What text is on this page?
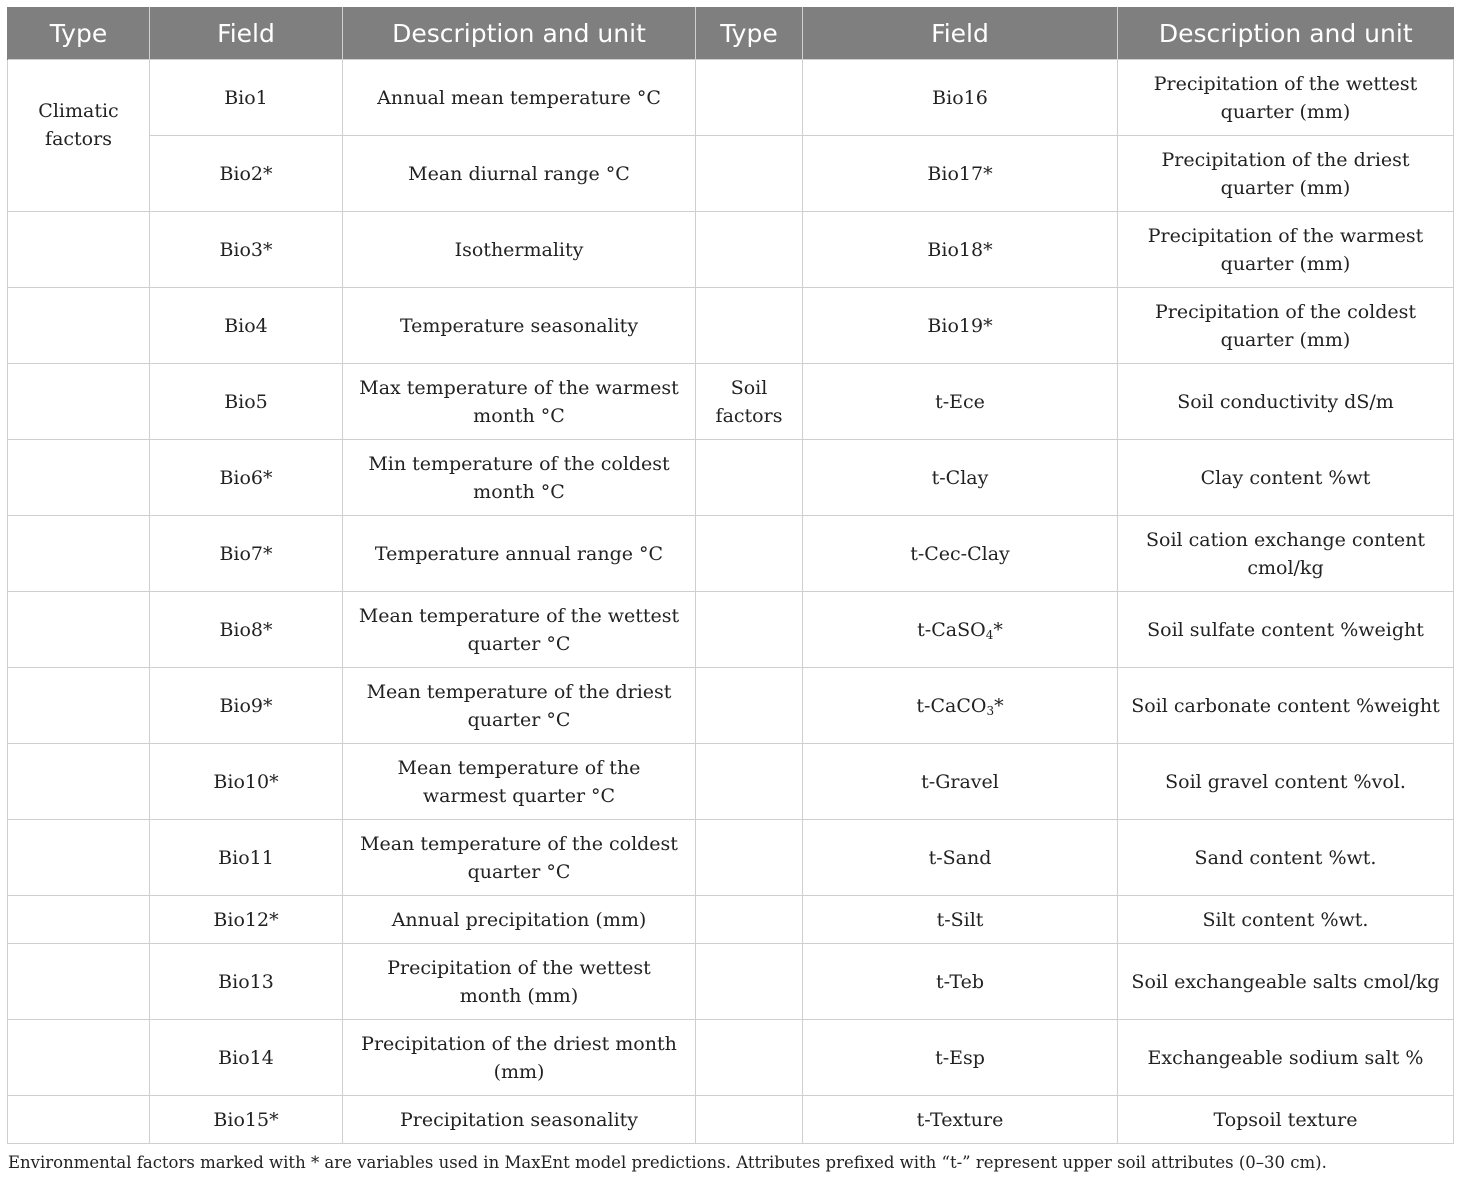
Type	Field	Description and unit	Type	Field	Description and unit
Climatic factors	Bio1	Annual mean temperature °C		Bio16	Precipitation of the wettest quarter (mm)
	Bio2*	Mean diurnal range °C		Bio17*	Precipitation of the driest quarter (mm)
	Bio3*	Isothermality		Bio18*	Precipitation of the warmest quarter (mm)
	Bio4	Temperature seasonality		Bio19*	Precipitation of the coldest quarter (mm)
	Bio5	Max temperature of the warmest month °C	Soil factors	t-Ece	Soil conductivity dS/m
	Bio6*	Min temperature of the coldest month °C		t-Clay	Clay content %wt
	Bio7*	Temperature annual range °C		t-Cec-Clay	Soil cation exchange content cmol/kg
	Bio8*	Mean temperature of the wettest quarter °C		t-CaSO$_4$*	Soil sulfate content %weight
	Bio9*	Mean temperature of the driest quarter °C		t-CaCO$_3$*	Soil carbonate content %weight
	Bio10*	Mean temperature of the warmest quarter °C		t-Gravel	Soil gravel content %vol.
	Bio11	Mean temperature of the coldest quarter °C		t-Sand	Sand content %wt.
	Bio12*	Annual precipitation (mm)		t-Silt	Silt content %wt.
	Bio13	Precipitation of the wettest month (mm)		t-Teb	Soil exchangeable salts cmol/kg
	Bio14	Precipitation of the driest month (mm)		t-Esp	Exchangeable sodium salt %
	Bio15*	Precipitation seasonality		t-Texture	Topsoil texture
Environmental factors marked with * are variables used in MaxEnt model predictions. Attributes prefixed with “t-” represent upper soil attributes (0–30 cm).
